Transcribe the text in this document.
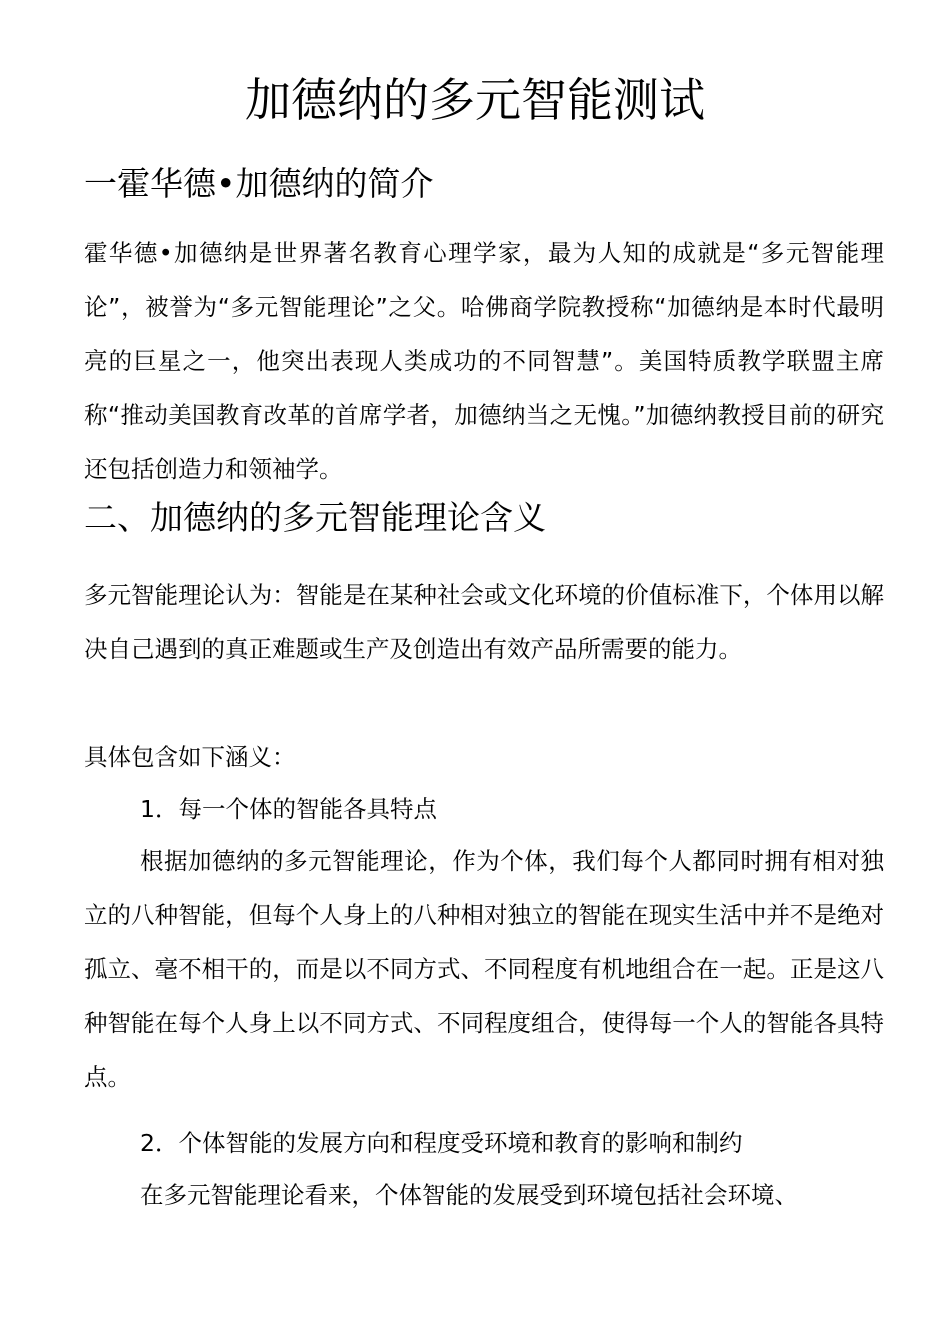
加德纳的多元智能测试
一霍华德•加德纳的简介

霍华德•加德纳是世界著名教育心理学家，最为人知的成就是“多元智能理论”，被誉为“多元智能理论”之父。哈佛商学院教授称“加德纳是本时代最明亮的巨星之一，他突出表现人类成功的不同智慧”。美国特质教学联盟主席称“推动美国教育改革的首席学者，加德纳当之无愧。”加德纳教授目前的研究还包括创造力和领袖学。

二、加德纳的多元智能理论含义

多元智能理论认为：智能是在某种社会或文化环境的价值标准下，个体用以解决自己遇到的真正难题或生产及创造出有效产品所需要的能力。

具体包含如下涵义：

1．每一个体的智能各具特点

根据加德纳的多元智能理论，作为个体，我们每个人都同时拥有相对独立的八种智能，但每个人身上的八种相对独立的智能在现实生活中并不是绝对孤立、毫不相干的，而是以不同方式、不同程度有机地组合在一起。正是这八种智能在每个人身上以不同方式、不同程度组合，使得每一个人的智能各具特点。

2．个体智能的发展方向和程度受环境和教育的影响和制约

在多元智能理论看来，个体智能的发展受到环境包括社会环境、
